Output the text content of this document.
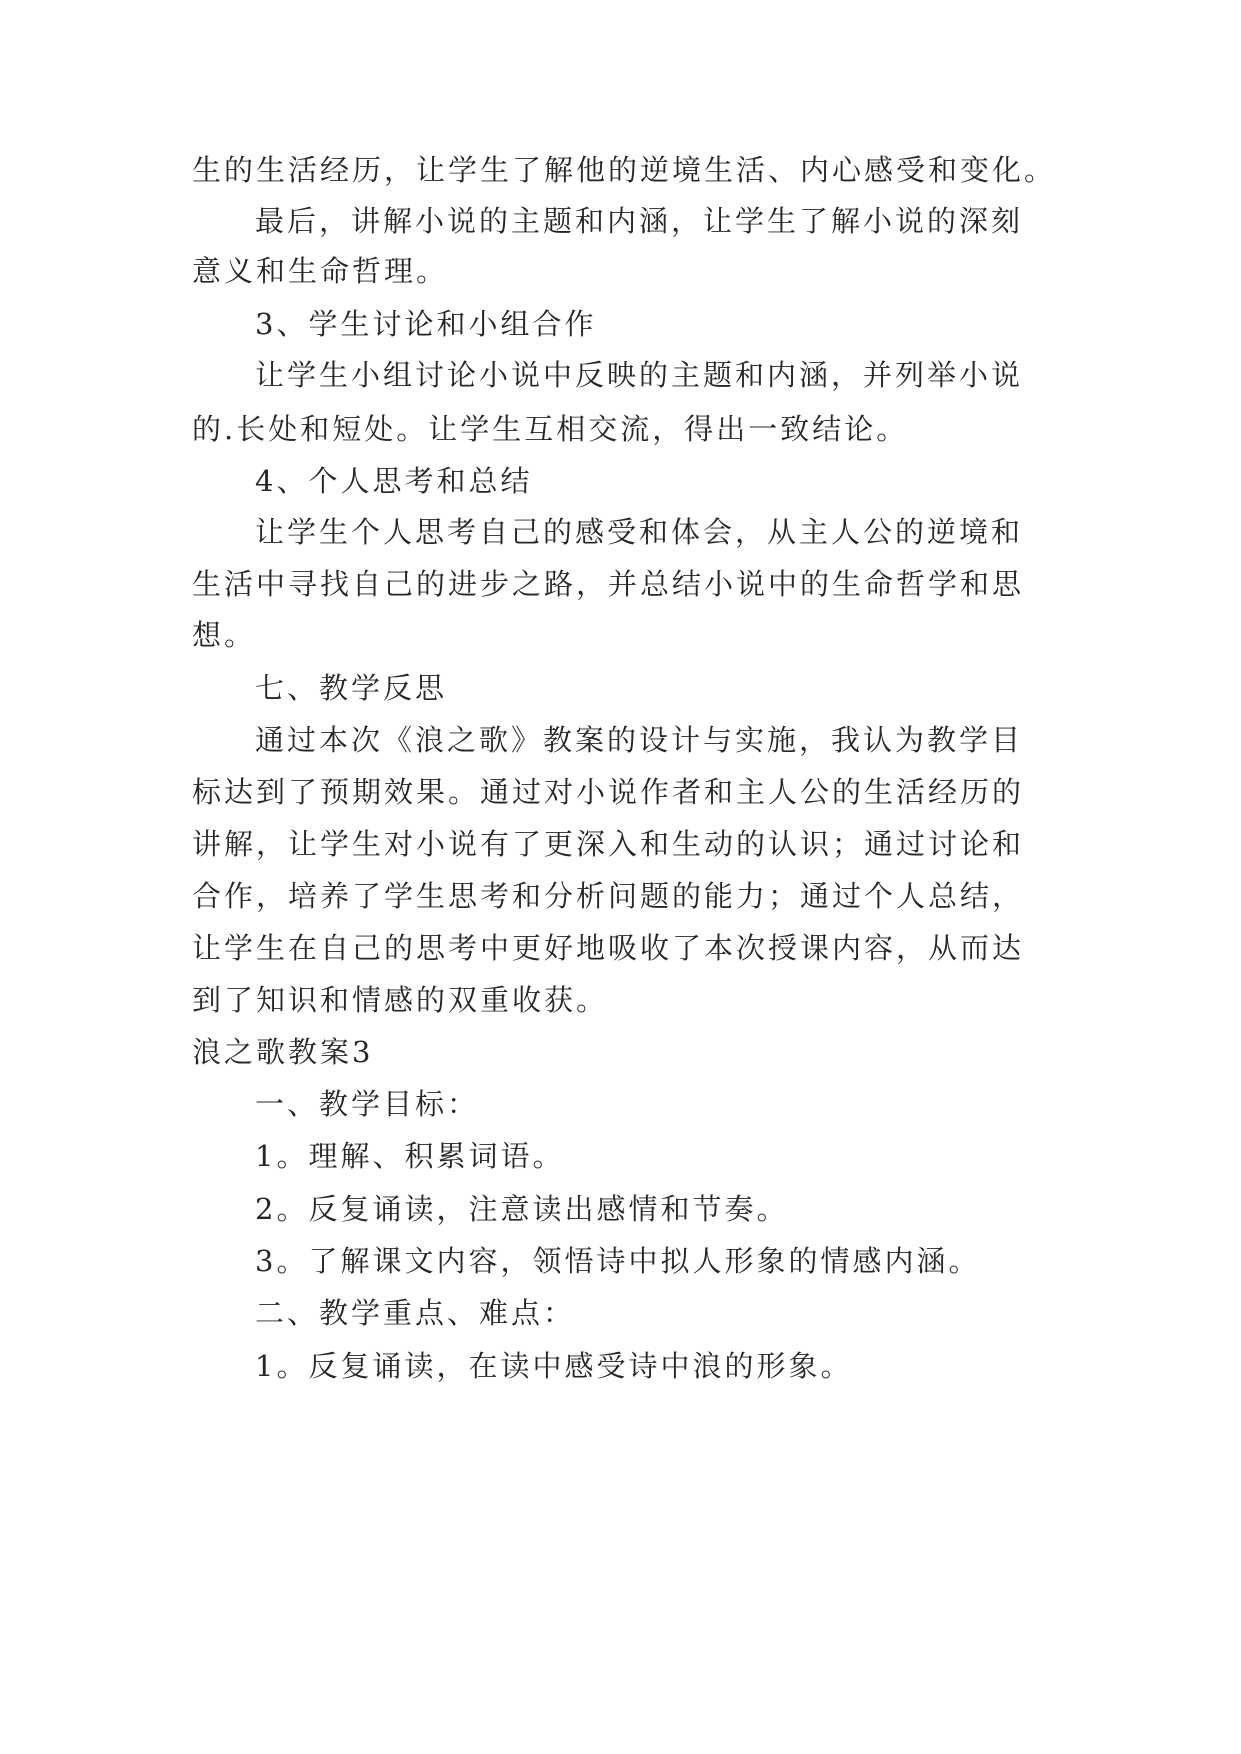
生的生活经历，让学生了解他的逆境生活、内心感受和变化。
最后，讲解小说的主题和内涵，让学生了解小说的深刻
意义和生命哲理。
3、学生讨论和小组合作
让学生小组讨论小说中反映的主题和内涵，并列举小说
的.长处和短处。让学生互相交流，得出一致结论。
4、个人思考和总结
让学生个人思考自己的感受和体会，从主人公的逆境和
生活中寻找自己的进步之路，并总结小说中的生命哲学和思
想。
七、教学反思
通过本次《浪之歌》教案的设计与实施，我认为教学目
标达到了预期效果。通过对小说作者和主人公的生活经历的
讲解，让学生对小说有了更深入和生动的认识；通过讨论和
合作，培养了学生思考和分析问题的能力；通过个人总结，
让学生在自己的思考中更好地吸收了本次授课内容，从而达
到了知识和情感的双重收获。
浪之歌教案3
一、教学目标：
1。理解、积累词语。
2。反复诵读，注意读出感情和节奏。
3。了解课文内容，领悟诗中拟人形象的情感内涵。
二、教学重点、难点：
1。反复诵读，在读中感受诗中浪的形象。
